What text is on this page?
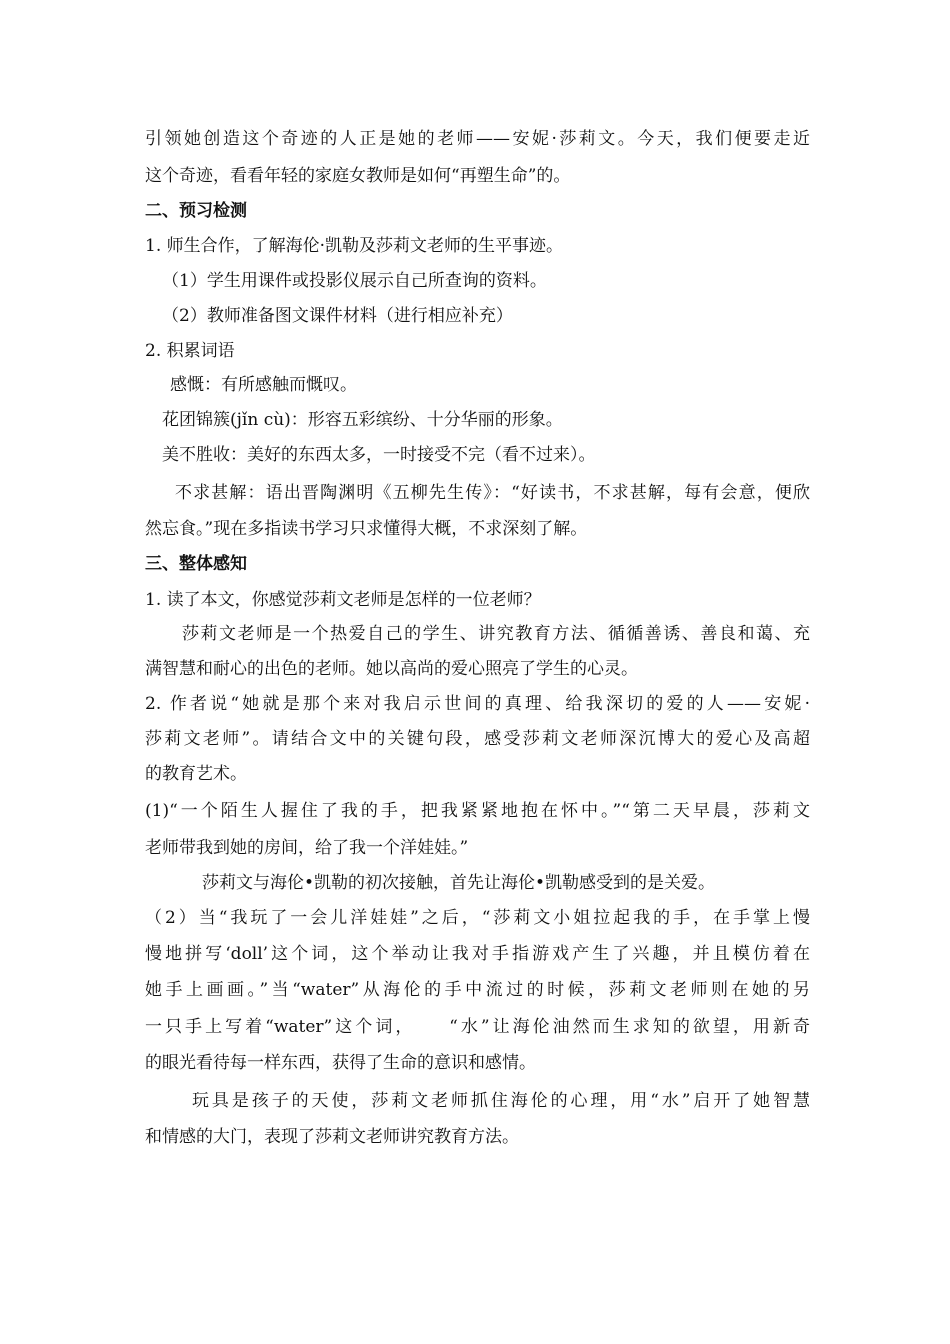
引领她创造这个奇迹的人正是她的老师——安妮·莎莉文。今天，我们便要走近
这个奇迹，看看年轻的家庭女教师是如何“再塑生命”的。
二、预习检测
1. 师生合作，了解海伦·凯勒及莎莉文老师的生平事迹。
（1）学生用课件或投影仪展示自己所查询的资料。
（2）教师准备图文课件材料（进行相应补充）
2. 积累词语
感慨：有所感触而慨叹。
花团锦簇(jǐn cù)：形容五彩缤纷、十分华丽的形象。
美不胜收：美好的东西太多，一时接受不完（看不过来）。
不求甚解：语出晋陶渊明《五柳先生传》：“好读书，不求甚解，每有会意，便欣
然忘食。”现在多指读书学习只求懂得大概，不求深刻了解。
三、整体感知
1. 读了本文，你感觉莎莉文老师是怎样的一位老师？
莎莉文老师是一个热爱自己的学生、讲究教育方法、循循善诱、善良和蔼、充
满智慧和耐心的出色的老师。她以高尚的爱心照亮了学生的心灵。
2. 作者说“她就是那个来对我启示世间的真理、给我深切的爱的人——安妮·
莎莉文老师”。请结合文中的关键句段，感受莎莉文老师深沉博大的爱心及高超
的教育艺术。
(1)“一个陌生人握住了我的手，把我紧紧地抱在怀中。”“第二天早晨，莎莉文
老师带我到她的房间，给了我一个洋娃娃。”
莎莉文与海伦•凯勒的初次接触，首先让海伦•凯勒感受到的是关爱。
（2）当“我玩了一会儿洋娃娃”之后，“莎莉文小姐拉起我的手，在手掌上慢
慢地拼写‘doll’这个词，这个举动让我对手指游戏产生了兴趣，并且模仿着在
她手上画画。”当“water”从海伦的手中流过的时候，莎莉文老师则在她的另
一只手上写着“water”这个词，    “水”让海伦油然而生求知的欲望，用新奇
的眼光看待每一样东西，获得了生命的意识和感情。
玩具是孩子的天使，莎莉文老师抓住海伦的心理，用“水”启开了她智慧
和情感的大门，表现了莎莉文老师讲究教育方法。
